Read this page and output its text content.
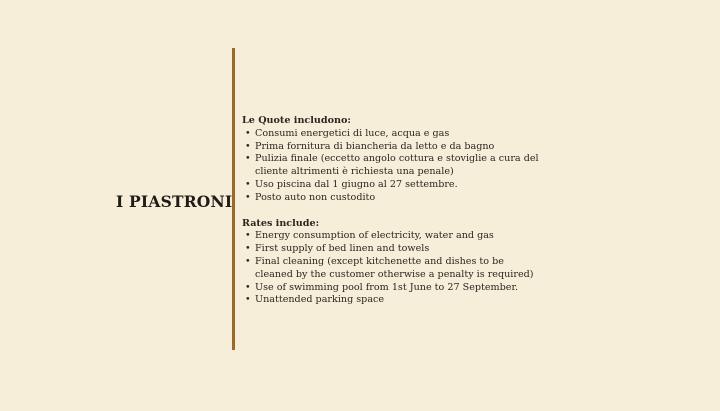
I PIASTRONI

Le Quote includono:

• Consumi energetici di luce, acqua e gas
• Prima fornitura di biancheria da letto e da bagno
• Pulizia finale (eccetto angolo cottura e stoviglie a cura del cliente altrimenti è richiesta una penale)
• Uso piscina dal 1 giugno al 27 settembre.
• Posto auto non custodito

Rates include:

• Energy consumption of electricity, water and gas
• First supply of bed linen and towels
• Final cleaning (except kitchenette and dishes to be cleaned by the customer otherwise a penalty is required)
• Use of swimming pool from 1st June to 27 September.
• Unattended parking space
